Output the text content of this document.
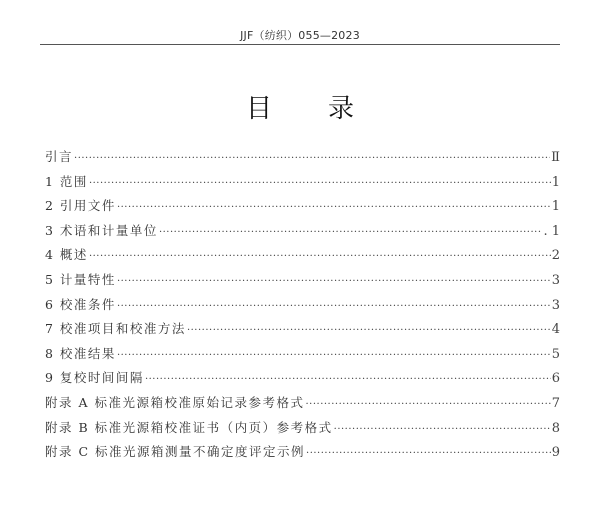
JJF（纺织）055—2023
目 录
引言 ·····	Ⅱ
1 范围 ·····	1
2 引用文件 ·····	1
3 术语和计量单位 ·····	. 1
4 概述 ·····	2
5 计量特性 ·····	3
6 校准条件 ·····	3
7 校准项目和校准方法 ·····	4
8 校准结果 ·····	5
9 复校时间间隔 ·····	6
附录 A 标准光源箱校准原始记录参考格式 ·····	7
附录 B 标准光源箱校准证书（内页）参考格式 ·····	8
附录 C 标准光源箱测量不确定度评定示例 ·····	9
